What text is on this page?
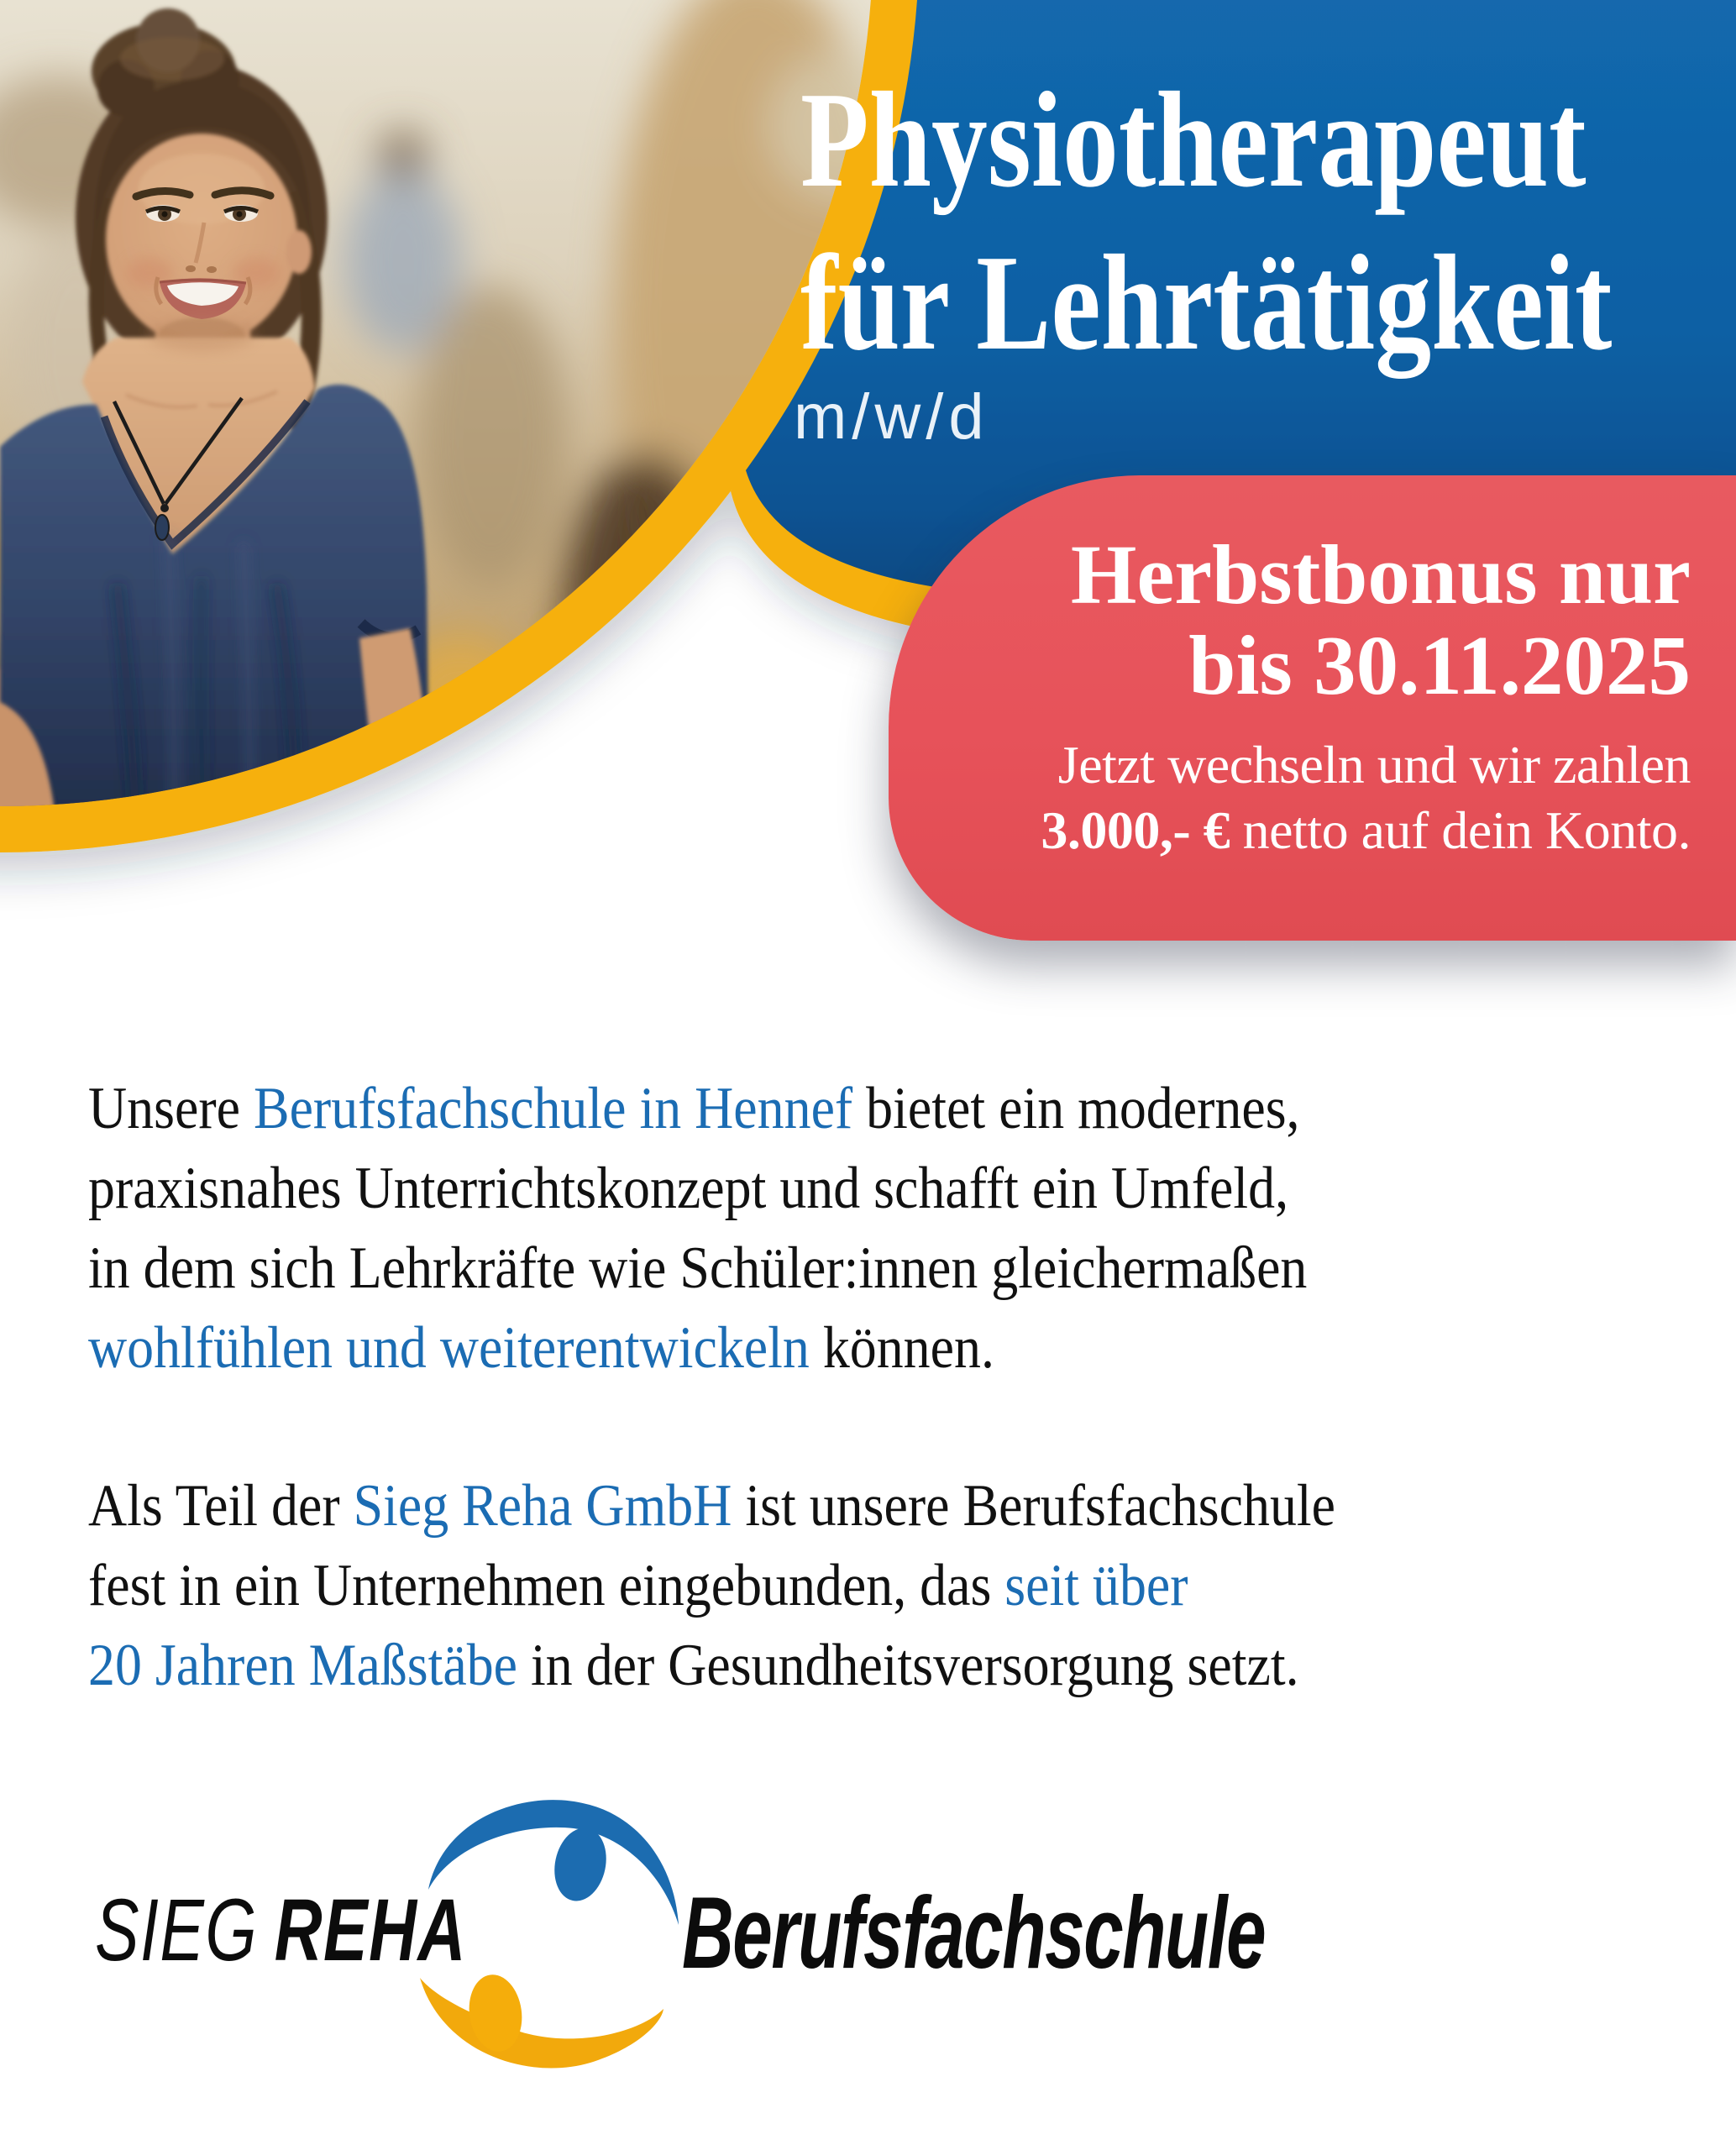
Physiotherapeut
für Lehrtätigkeit
m/w/d
Herbstbonus nur
bis 30.11.2025
Jetzt wechseln und wir zahlen
3.000,- € netto auf dein Konto.
Unsere Berufsfachschule in Hennef bietet ein modernes,
praxisnahes Unterrichtskonzept und schafft ein Umfeld,
in dem sich Lehrkräfte wie Schüler:innen gleichermaßen
wohlfühlen und weiterentwickeln können.
Als Teil der Sieg Reha GmbH ist unsere Berufsfachschule
fest in ein Unternehmen eingebunden, das seit über
20 Jahren Maßstäbe in der Gesundheitsversorgung setzt.
SIEG REHA Berufsfachschule
